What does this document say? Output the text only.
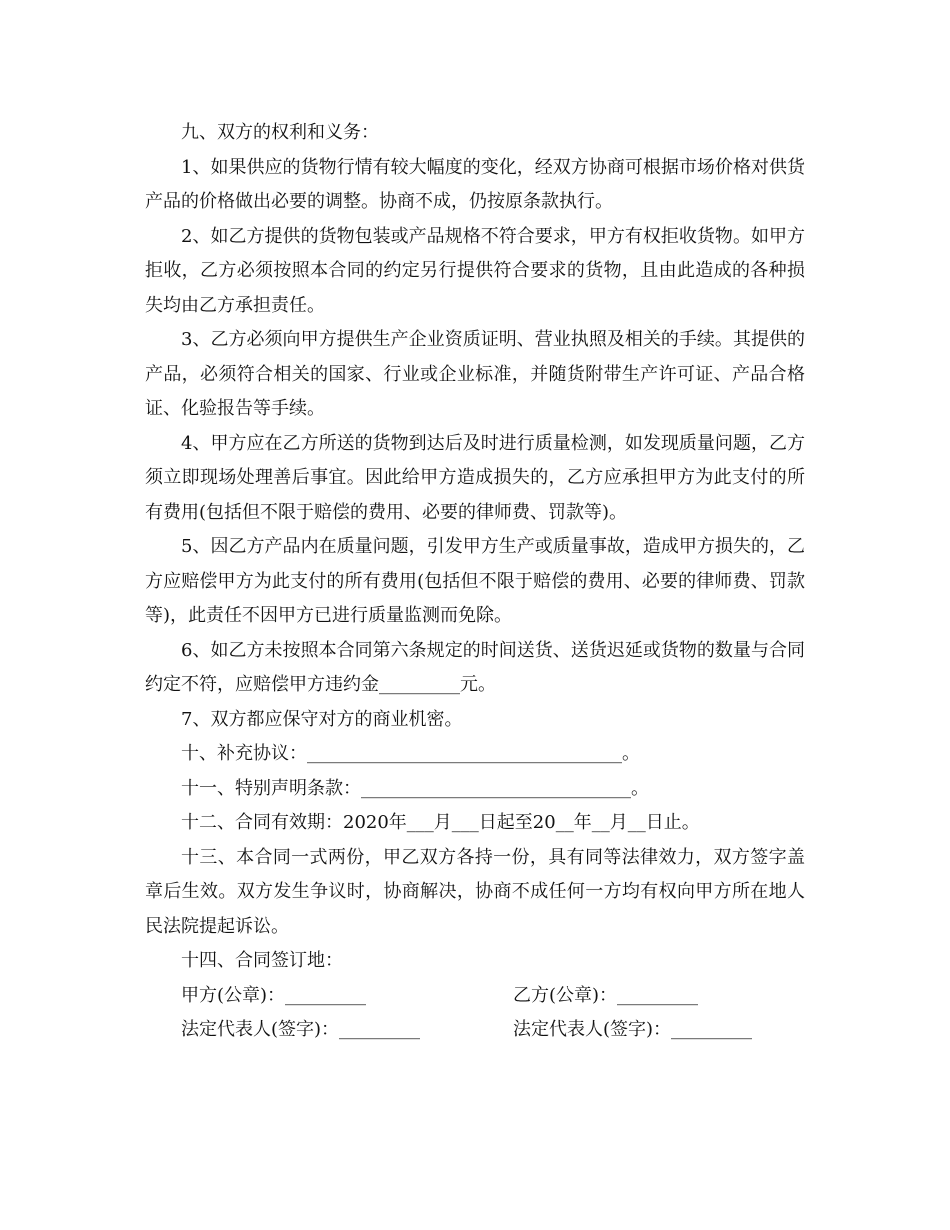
九、双方的权利和义务：

1、如果供应的货物行情有较大幅度的变化，经双方协商可根据市场价格对供货产品的价格做出必要的调整。协商不成，仍按原条款执行。

2、如乙方提供的货物包装或产品规格不符合要求，甲方有权拒收货物。如甲方拒收，乙方必须按照本合同的约定另行提供符合要求的货物，且由此造成的各种损失均由乙方承担责任。

3、乙方必须向甲方提供生产企业资质证明、营业执照及相关的手续。其提供的产品，必须符合相关的国家、行业或企业标准，并随货附带生产许可证、产品合格证、化验报告等手续。

4、甲方应在乙方所送的货物到达后及时进行质量检测，如发现质量问题，乙方须立即现场处理善后事宜。因此给甲方造成损失的，乙方应承担甲方为此支付的所有费用(包括但不限于赔偿的费用、必要的律师费、罚款等)。

5、因乙方产品内在质量问题，引发甲方生产或质量事故，造成甲方损失的，乙方应赔偿甲方为此支付的所有费用(包括但不限于赔偿的费用、必要的律师费、罚款等)，此责任不因甲方已进行质量监测而免除。

6、如乙方未按照本合同第六条规定的时间送货、送货迟延或货物的数量与合同约定不符，应赔偿甲方违约金_________元。

7、双方都应保守对方的商业机密。

十、补充协议：___________________________________。

十一、特别声明条款：______________________________。

十二、合同有效期：2020年___月___日起至20__年__月__日止。

十三、本合同一式两份，甲乙双方各持一份，具有同等法律效力，双方签字盖章后生效。双方发生争议时，协商解决，协商不成任何一方均有权向甲方所在地人民法院提起诉讼。

十四、合同签订地：

甲方(公章)：_________	乙方(公章)：_________
法定代表人(签字)：_________	法定代表人(签字)：_________
